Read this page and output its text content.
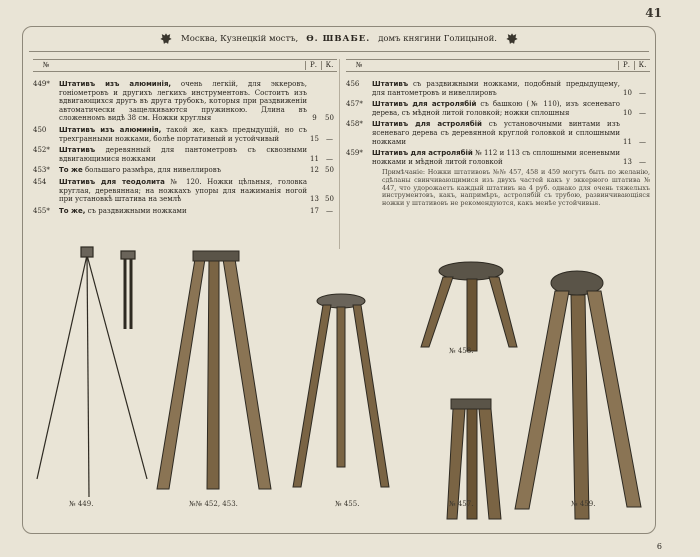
41
Москва, Кузнецкiй мостъ, Ө. ШВАБЕ. домъ княгини Голицыной.
№	Р.	К.
449*	Штативъ изъ алюминiя, очень легкiй, для эккеровъ, гонiометровъ и другихъ легкихъ инструментовъ. Состоитъ изъ вдвигающихся другъ въ друга трубокъ, которыя при раздвиженiи автоматически защелкиваются пружинкою. Длина въ сложенномъ видѣ 38 см. Ножки круглыя	9	50
450	Штативъ изъ алюминiя, такой же, какъ предыдущiй, но съ трехгранными ножками, болѣе портативный и устойчивый	15	—
452*	Штативъ деревянный для пантометровъ съ сквозными вдвигающимися ножками	11	—
453*	То же большаго размѣра, для нивеллировъ	12 50
454	Штативъ для теодолита № 120. Ножки цѣльныя, головка круглая, деревянная; на ножкахъ упоры для нажиманiя ногой при установкѣ штатива на землѣ	13 50
455*	То же, съ раздвижными ножками	17	—
№	Р.	К.
456	Штативъ съ раздвижными ножками, подобный предыдущему, для пантометровъ и нивеллировъ	10	—
457*	Штативъ для астролябiй съ башкою (№ 110), изъ ясеневаго дерева, съ мѣдной литой головкой; ножки сплошныя	10	—
458*	Штативъ для астролябiй съ установочными винтами изъ ясеневаго дерева съ деревянной круглой головкой и сплошными ножками	11	—
459*	Штативъ для астролябiй № 112 и 113 съ сплошными ясеневыми ножками и мѣдной литой головкой	13	—
Примѣчанiе: Ножки штативовъ №№ 457, 458 и 459 могутъ быть по желанiю, сдѣланы свинчивающимися изъ двухъ частей какъ у эккерного штатива № 447, что удорожаетъ каждый штативъ на 4 руб. однако для очень тяжелыхъ инструментовъ, какъ, напримѣръ, астролябiй съ трубою, развинчивающiяся ножки у штативовъ не рекомендуются, какъ менѣе устойчивыя.
№ 449.	№№ 452, 453.	№ 455.
№ 458.
№ 457.	№ 459.
6
